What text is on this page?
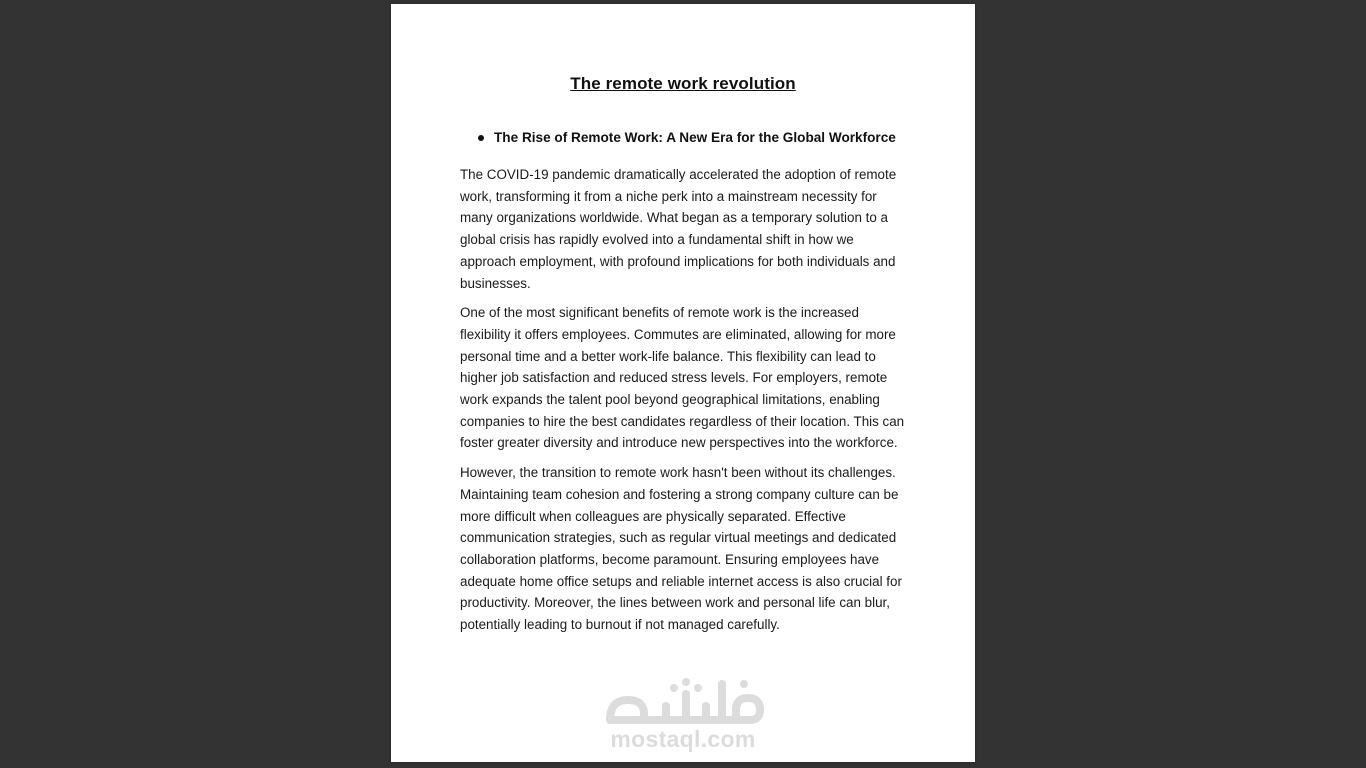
The remote work revolution
The Rise of Remote Work: A New Era for the Global Workforce

The COVID-19 pandemic dramatically accelerated the adoption of remote work, transforming it from a niche perk into a mainstream necessity for many organizations worldwide. What began as a temporary solution to a global crisis has rapidly evolved into a fundamental shift in how we approach employment, with profound implications for both individuals and businesses.

One of the most significant benefits of remote work is the increased flexibility it offers employees. Commutes are eliminated, allowing for more personal time and a better work-life balance. This flexibility can lead to higher job satisfaction and reduced stress levels. For employers, remote work expands the talent pool beyond geographical limitations, enabling companies to hire the best candidates regardless of their location. This can foster greater diversity and introduce new perspectives into the workforce.

However, the transition to remote work hasn't been without its challenges. Maintaining team cohesion and fostering a strong company culture can be more difficult when colleagues are physically separated. Effective communication strategies, such as regular virtual meetings and dedicated collaboration platforms, become paramount. Ensuring employees have adequate home office setups and reliable internet access is also crucial for productivity. Moreover, the lines between work and personal life can blur, potentially leading to burnout if not managed carefully.

mostaql.com
